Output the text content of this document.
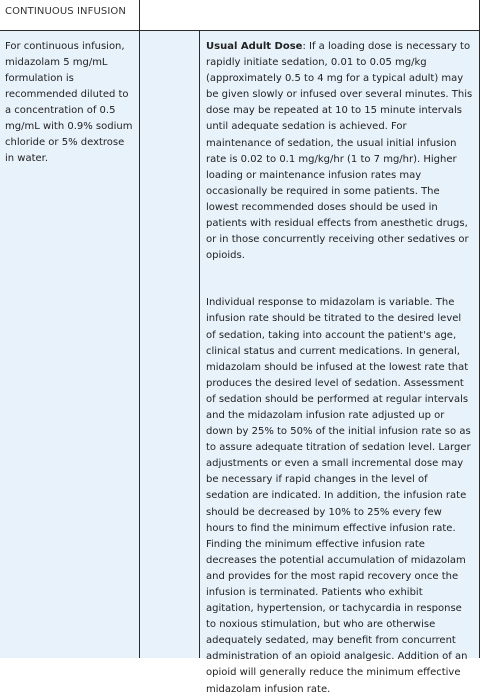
CONTINUOUS INFUSION
For continuous infusion, midazolam 5 mg/mL formulation is recommended diluted to a concentration of 0.5 mg/mL with 0.9% sodium chloride or 5% dextrose in water.

Usual Adult Dose: If a loading dose is necessary to rapidly initiate sedation, 0.01 to 0.05 mg/kg (approximately 0.5 to 4 mg for a typical adult) may be given slowly or infused over several minutes. This dose may be repeated at 10 to 15 minute intervals until adequate sedation is achieved. For maintenance of sedation, the usual initial infusion rate is 0.02 to 0.1 mg/kg/hr (1 to 7 mg/hr). Higher loading or maintenance infusion rates may occasionally be required in some patients. The lowest recommended doses should be used in patients with residual effects from anesthetic drugs, or in those concurrently receiving other sedatives or opioids.

Individual response to midazolam is variable. The infusion rate should be titrated to the desired level of sedation, taking into account the patient's age, clinical status and current medications. In general, midazolam should be infused at the lowest rate that produces the desired level of sedation. Assessment of sedation should be performed at regular intervals and the midazolam infusion rate adjusted up or down by 25% to 50% of the initial infusion rate so as to assure adequate titration of sedation level. Larger adjustments or even a small incremental dose may be necessary if rapid changes in the level of sedation are indicated. In addition, the infusion rate should be decreased by 10% to 25% every few hours to find the minimum effective infusion rate. Finding the minimum effective infusion rate decreases the potential accumulation of midazolam and provides for the most rapid recovery once the infusion is terminated. Patients who exhibit agitation, hypertension, or tachycardia in response to noxious stimulation, but who are otherwise adequately sedated, may benefit from concurrent administration of an opioid analgesic. Addition of an opioid will generally reduce the minimum effective midazolam infusion rate.
